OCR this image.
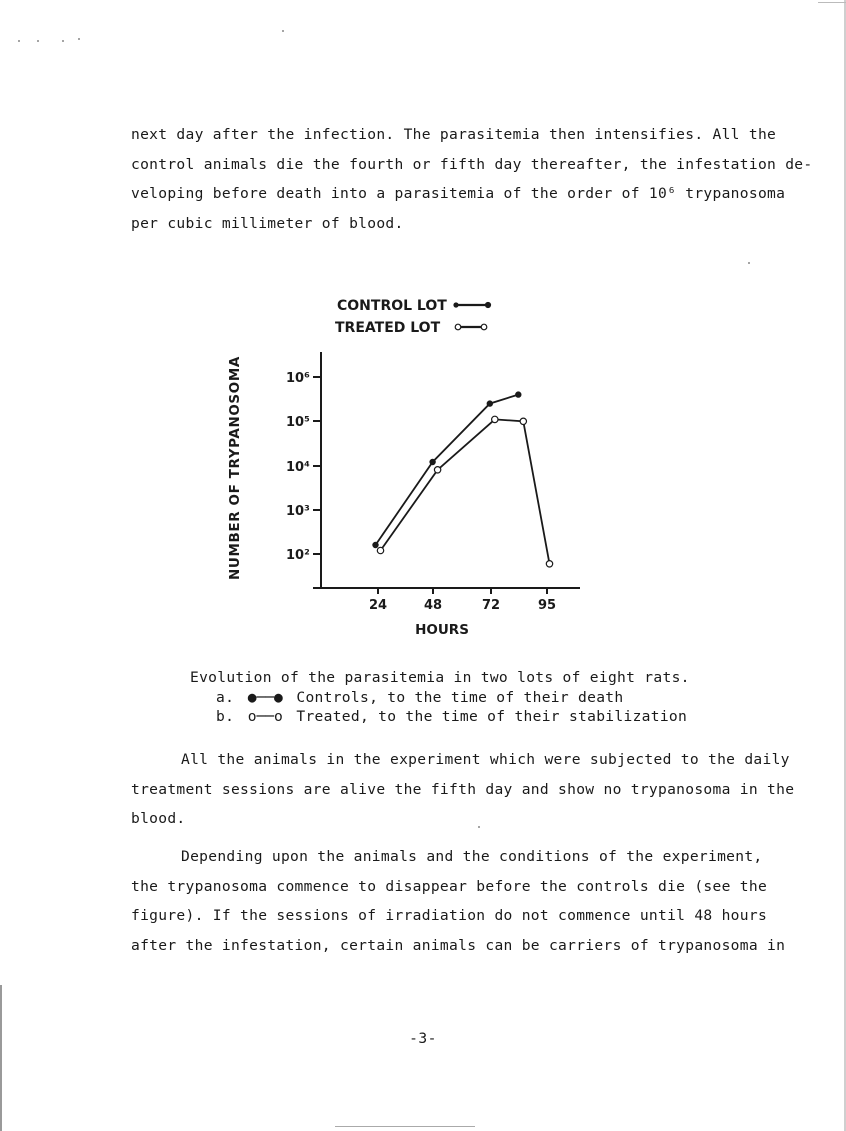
next day after the infection. The parasitemia then intensifies. All the

control animals die the fourth or fifth day thereafter, the infestation de-

veloping before death into a parasitemia of the order of 10⁶ trypanosoma

per cubic millimeter of blood.

CONTROL LOT
TREATED LOT
NUMBER OF TRYPANOSOMA	10⁶
10⁵
10⁴
10³
10²
24	48	72	95
HOURS

Evolution of the parasitemia in two lots of eight rats.

a. ●──● Controls, to the time of their death

b. o──o Treated, to the time of their stabilization

All the animals in the experiment which were subjected to the daily

treatment sessions are alive the fifth day and show no trypanosoma in the

blood.

Depending upon the animals and the conditions of the experiment,

the trypanosoma commence to disappear before the controls die (see the

figure). If the sessions of irradiation do not commence until 48 hours

after the infestation, certain animals can be carriers of trypanosoma in

-3-
